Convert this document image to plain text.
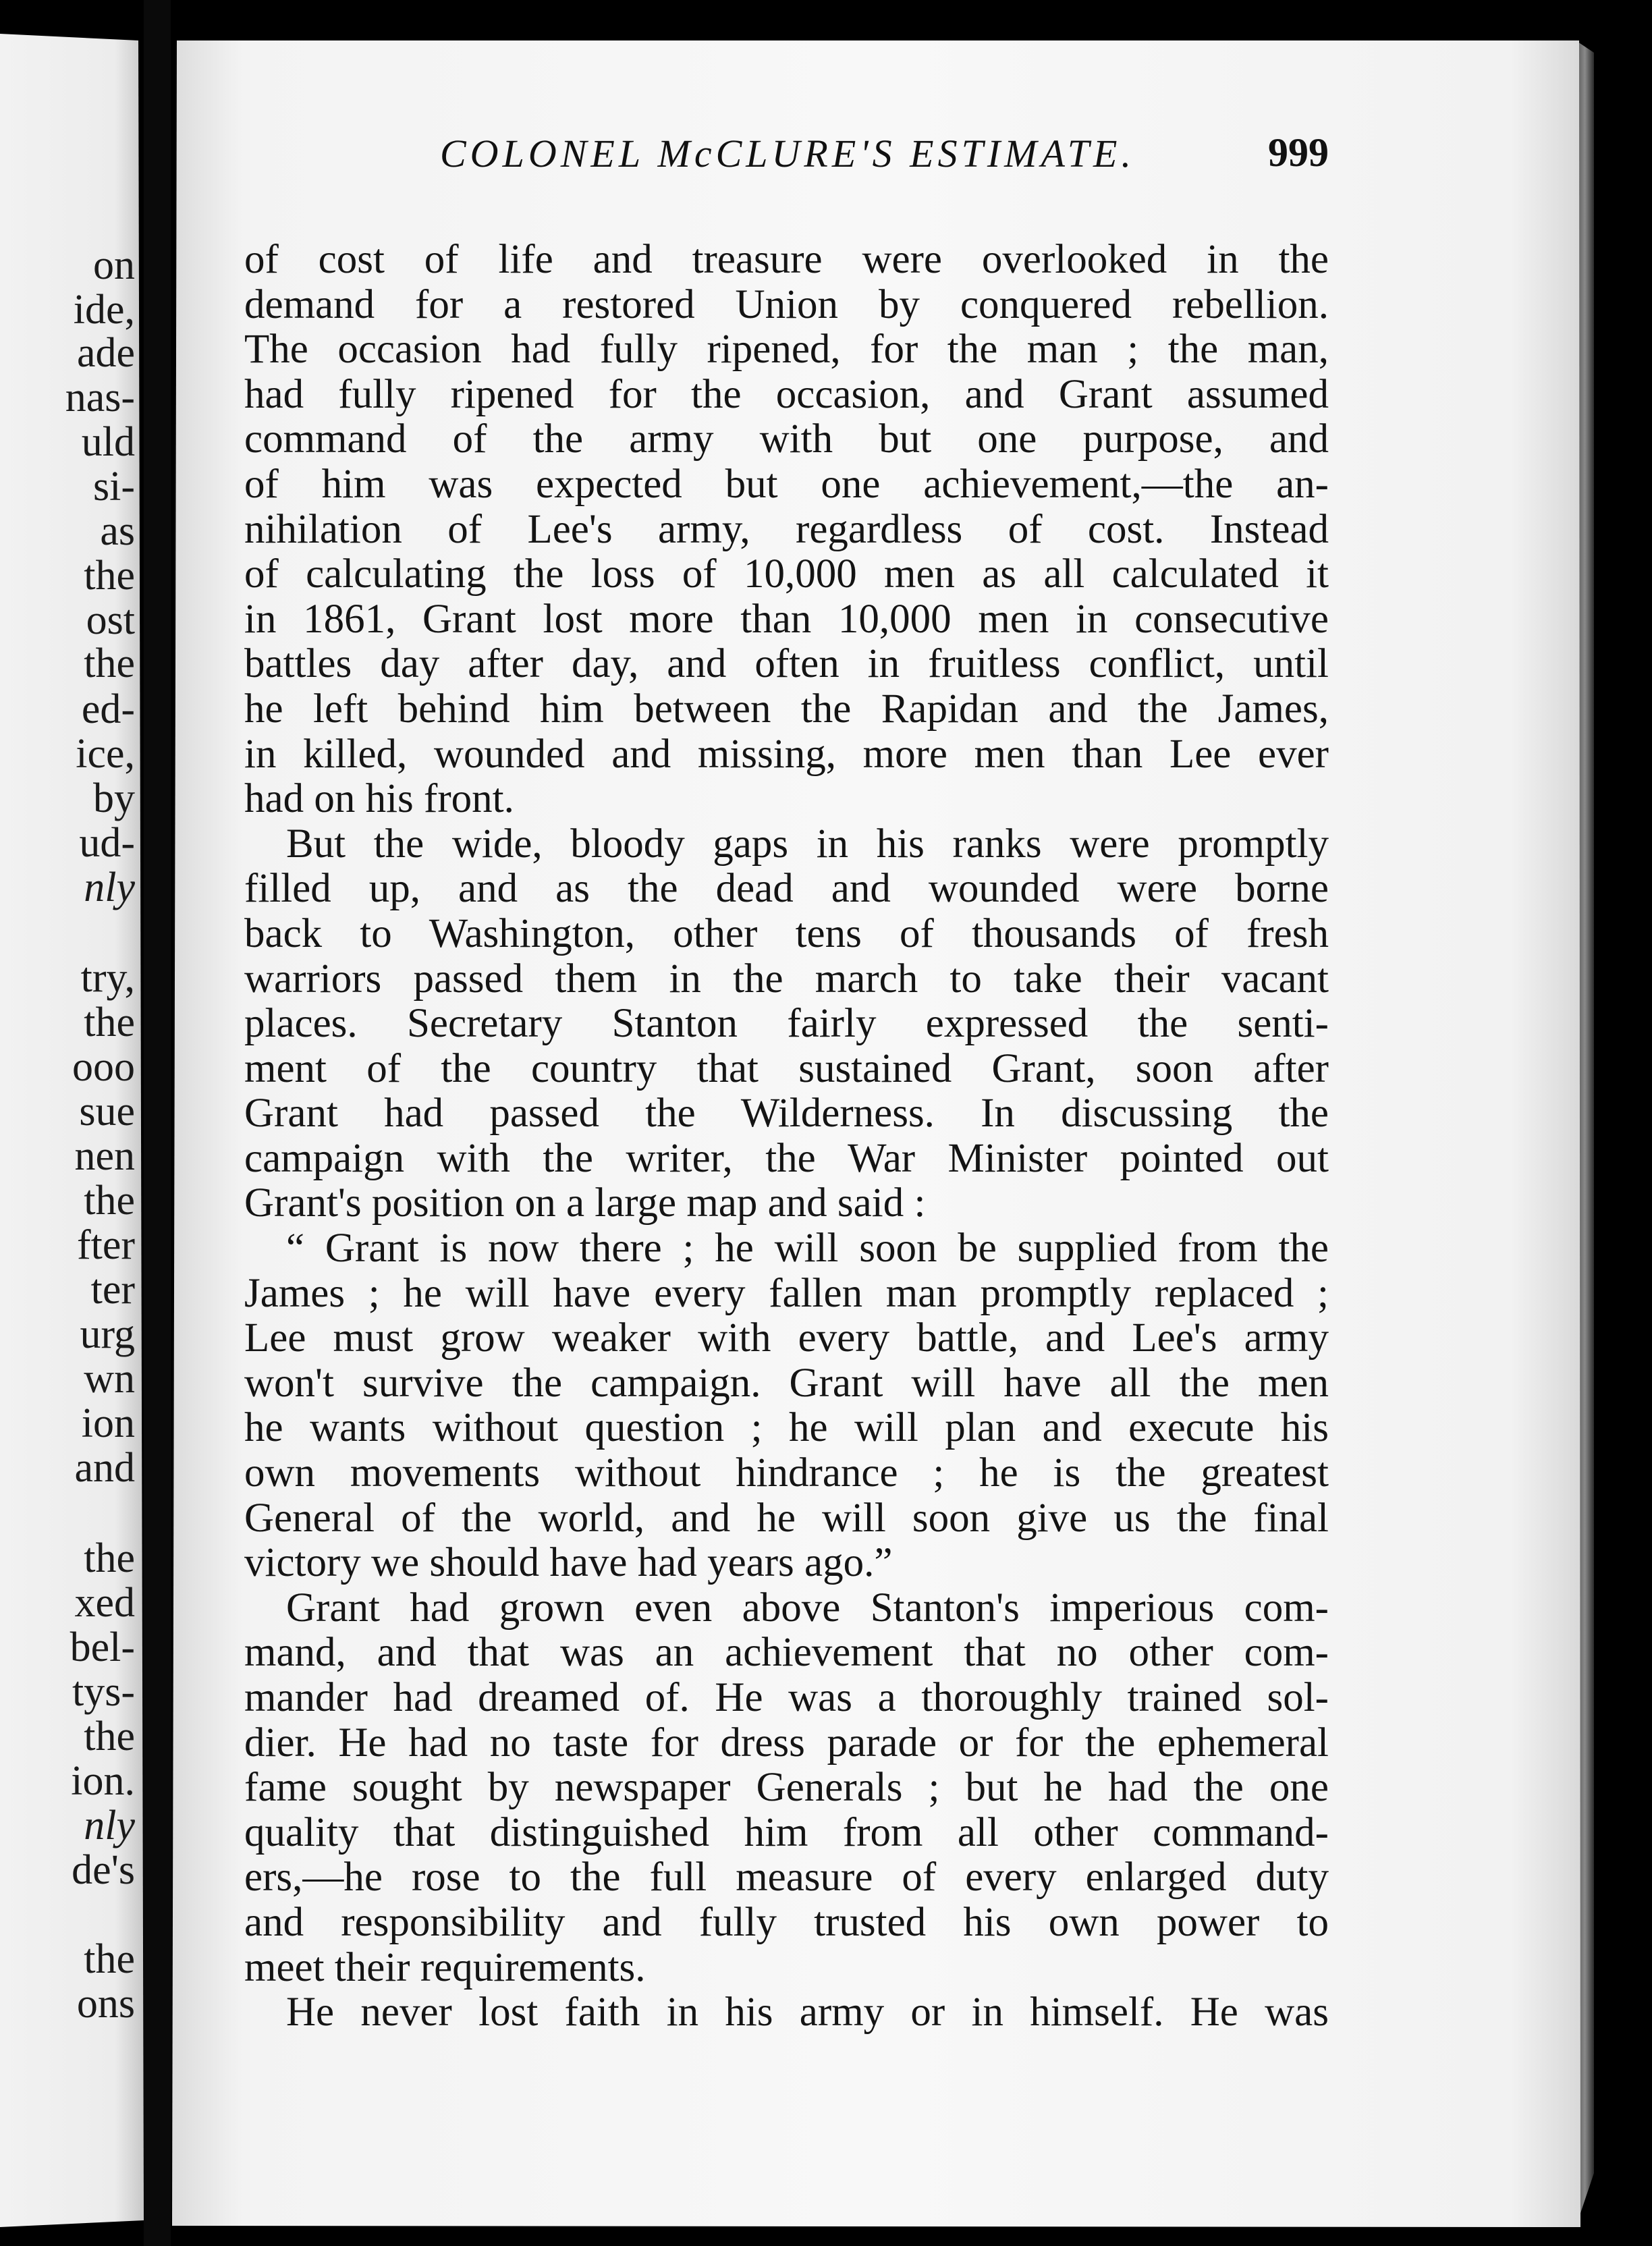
on
ide,
ade
nas-
uld
si-
as
the
ost
the
ed-
ice,
by
ud-
nly
try,
the
ooo
sue
nen
the
fter
ter
urg
wn
ion
and
the
xed
bel-
tys-
the
ion.
nly
de's
the
ons
COLONEL McCLURE'S ESTIMATE.	999
of cost of life and treasure were overlooked in the
demand for a restored Union by conquered rebellion.
The occasion had fully ripened, for the man ; the man,
had fully ripened for the occasion, and Grant assumed
command of the army with but one purpose, and
of him was expected but one achievement,—the an-
nihilation of Lee's army, regardless of cost. Instead
of calculating the loss of 10,000 men as all calculated it
in 1861, Grant lost more than 10,000 men in consecutive
battles day after day, and often in fruitless conflict, until
he left behind him between the Rapidan and the James,
in killed, wounded and missing, more men than Lee ever
had on his front.
But the wide, bloody gaps in his ranks were promptly
filled up, and as the dead and wounded were borne
back to Washington, other tens of thousands of fresh
warriors passed them in the march to take their vacant
places. Secretary Stanton fairly expressed the senti-
ment of the country that sustained Grant, soon after
Grant had passed the Wilderness. In discussing the
campaign with the writer, the War Minister pointed out
Grant's position on a large map and said :
“ Grant is now there ; he will soon be supplied from the
James ; he will have every fallen man promptly replaced ;
Lee must grow weaker with every battle, and Lee's army
won't survive the campaign. Grant will have all the men
he wants without question ; he will plan and execute his
own movements without hindrance ; he is the greatest
General of the world, and he will soon give us the final
victory we should have had years ago.”
Grant had grown even above Stanton's imperious com-
mand, and that was an achievement that no other com-
mander had dreamed of. He was a thoroughly trained sol-
dier. He had no taste for dress parade or for the ephemeral
fame sought by newspaper Generals ; but he had the one
quality that distinguished him from all other command-
ers,—he rose to the full measure of every enlarged duty
and responsibility and fully trusted his own power to
meet their requirements.
He never lost faith in his army or in himself. He was
